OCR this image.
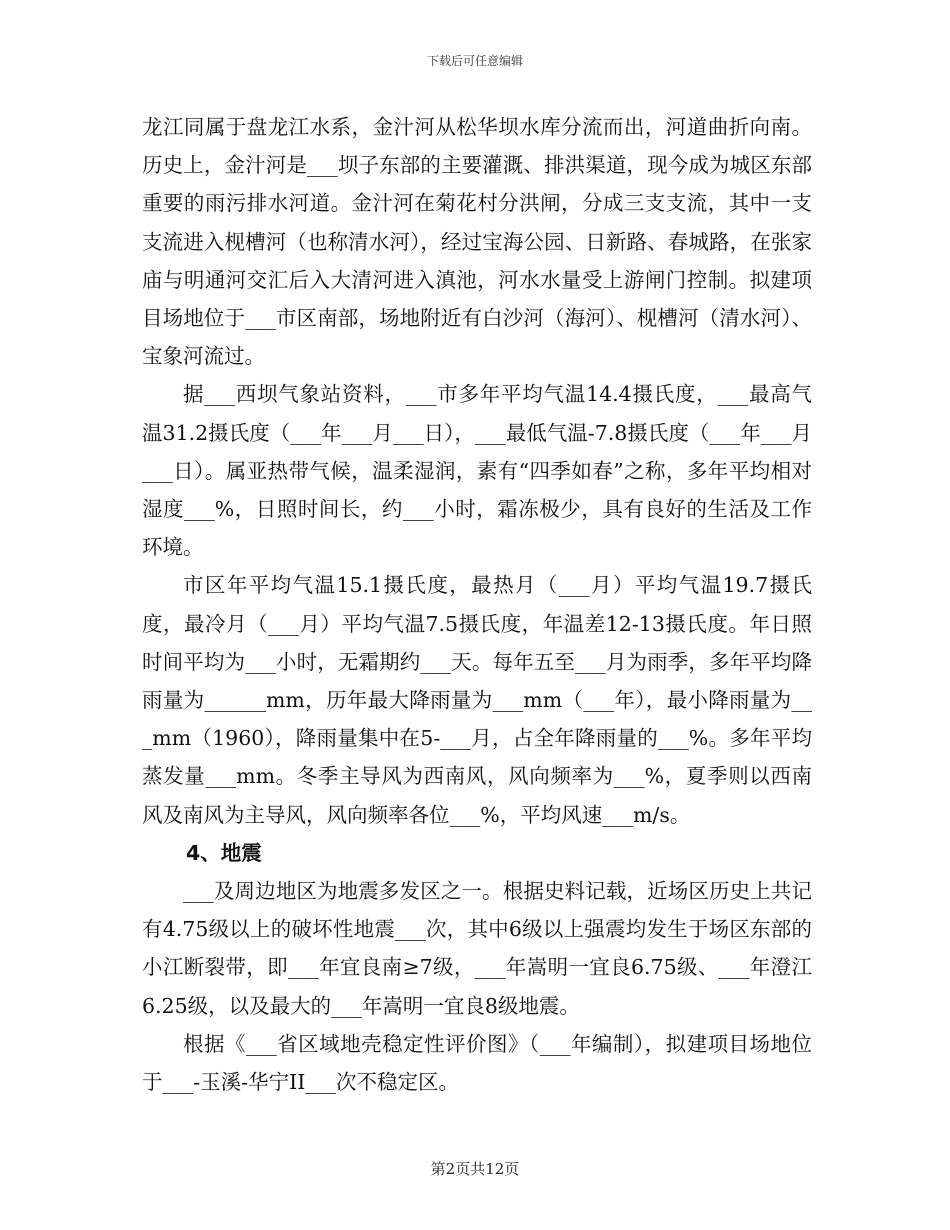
下载后可任意编辑

龙江同属于盘龙江水系，金汁河从松华坝水库分流而出，河道曲折向南。历史上，金汁河是___坝子东部的主要灌溉、排洪渠道，现今成为城区东部重要的雨污排水河道。金汁河在菊花村分洪闸，分成三支支流，其中一支支流进入枧槽河（也称清水河），经过宝海公园、日新路、春城路，在张家庙与明通河交汇后入大清河进入滇池，河水水量受上游闸门控制。拟建项目场地位于___市区南部，场地附近有白沙河（海河）、枧槽河（清水河）、宝象河流过。

据___西坝气象站资料，___市多年平均气温14.4摄氏度，___最高气温31.2摄氏度（___年___月___日），___最低气温-7.8摄氏度（___年___月___日）。属亚热带气候，温柔湿润，素有“四季如春”之称，多年平均相对湿度___%，日照时间长，约___小时，霜冻极少，具有良好的生活及工作环境。

市区年平均气温15.1摄氏度，最热月（___月）平均气温19.7摄氏度，最冷月（___月）平均气温7.5摄氏度，年温差12-13摄氏度。年日照时间平均为___小时，无霜期约___天。每年五至___月为雨季，多年平均降雨量为______mm，历年最大降雨量为___mm（___年），最小降雨量为___mm（1960），降雨量集中在5-___月，占全年降雨量的___%。多年平均蒸发量___mm。冬季主导风为西南风，风向频率为___%，夏季则以西南风及南风为主导风，风向频率各位___%，平均风速___m/s。

4、地震

___及周边地区为地震多发区之一。根据史料记载，近场区历史上共记有4.75级以上的破坏性地震___次，其中6级以上强震均发生于场区东部的小江断裂带，即___年宜良南≥7级，___年嵩明一宜良6.75级、___年澄江6.25级，以及最大的___年嵩明一宜良8级地震。

根据《___省区域地壳稳定性评价图》（___年编制），拟建项目场地位于___-玉溪-华宁II___次不稳定区。

第2页共12页
